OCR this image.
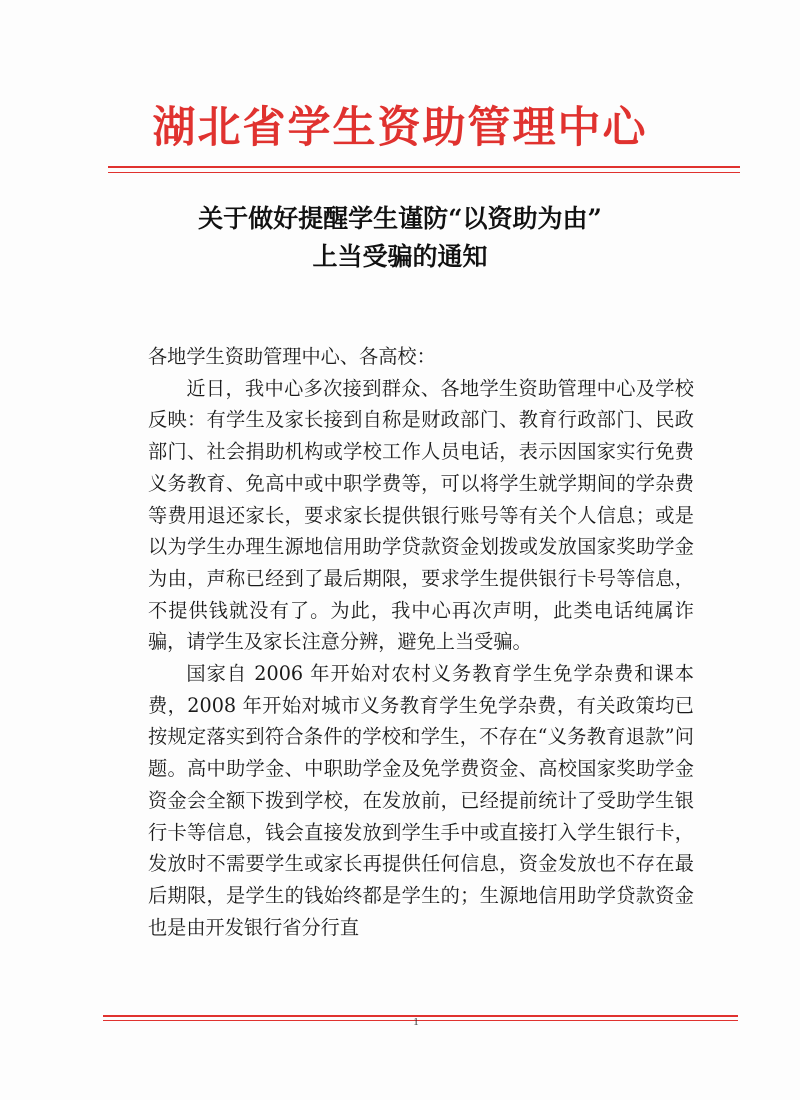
湖北省学生资助管理中心
关于做好提醒学生谨防“以资助为由”
上当受骗的通知

各地学生资助管理中心、各高校：

近日，我中心多次接到群众、各地学生资助管理中心及学校反映：有学生及家长接到自称是财政部门、教育行政部门、民政部门、社会捐助机构或学校工作人员电话，表示因国家实行免费义务教育、免高中或中职学费等，可以将学生就学期间的学杂费等费用退还家长，要求家长提供银行账号等有关个人信息；或是以为学生办理生源地信用助学贷款资金划拨或发放国家奖助学金为由，声称已经到了最后期限，要求学生提供银行卡号等信息，不提供钱就没有了。为此，我中心再次声明，此类电话纯属诈骗，请学生及家长注意分辨，避免上当受骗。

国家自 2006 年开始对农村义务教育学生免学杂费和课本费，2008 年开始对城市义务教育学生免学杂费，有关政策均已按规定落实到符合条件的学校和学生，不存在“义务教育退款”问题。高中助学金、中职助学金及免学费资金、高校国家奖助学金资金会全额下拨到学校，在发放前，已经提前统计了受助学生银行卡等信息，钱会直接发放到学生手中或直接打入学生银行卡，发放时不需要学生或家长再提供任何信息，资金发放也不存在最后期限，是学生的钱始终都是学生的；生源地信用助学贷款资金也是由开发银行省分行直

1
